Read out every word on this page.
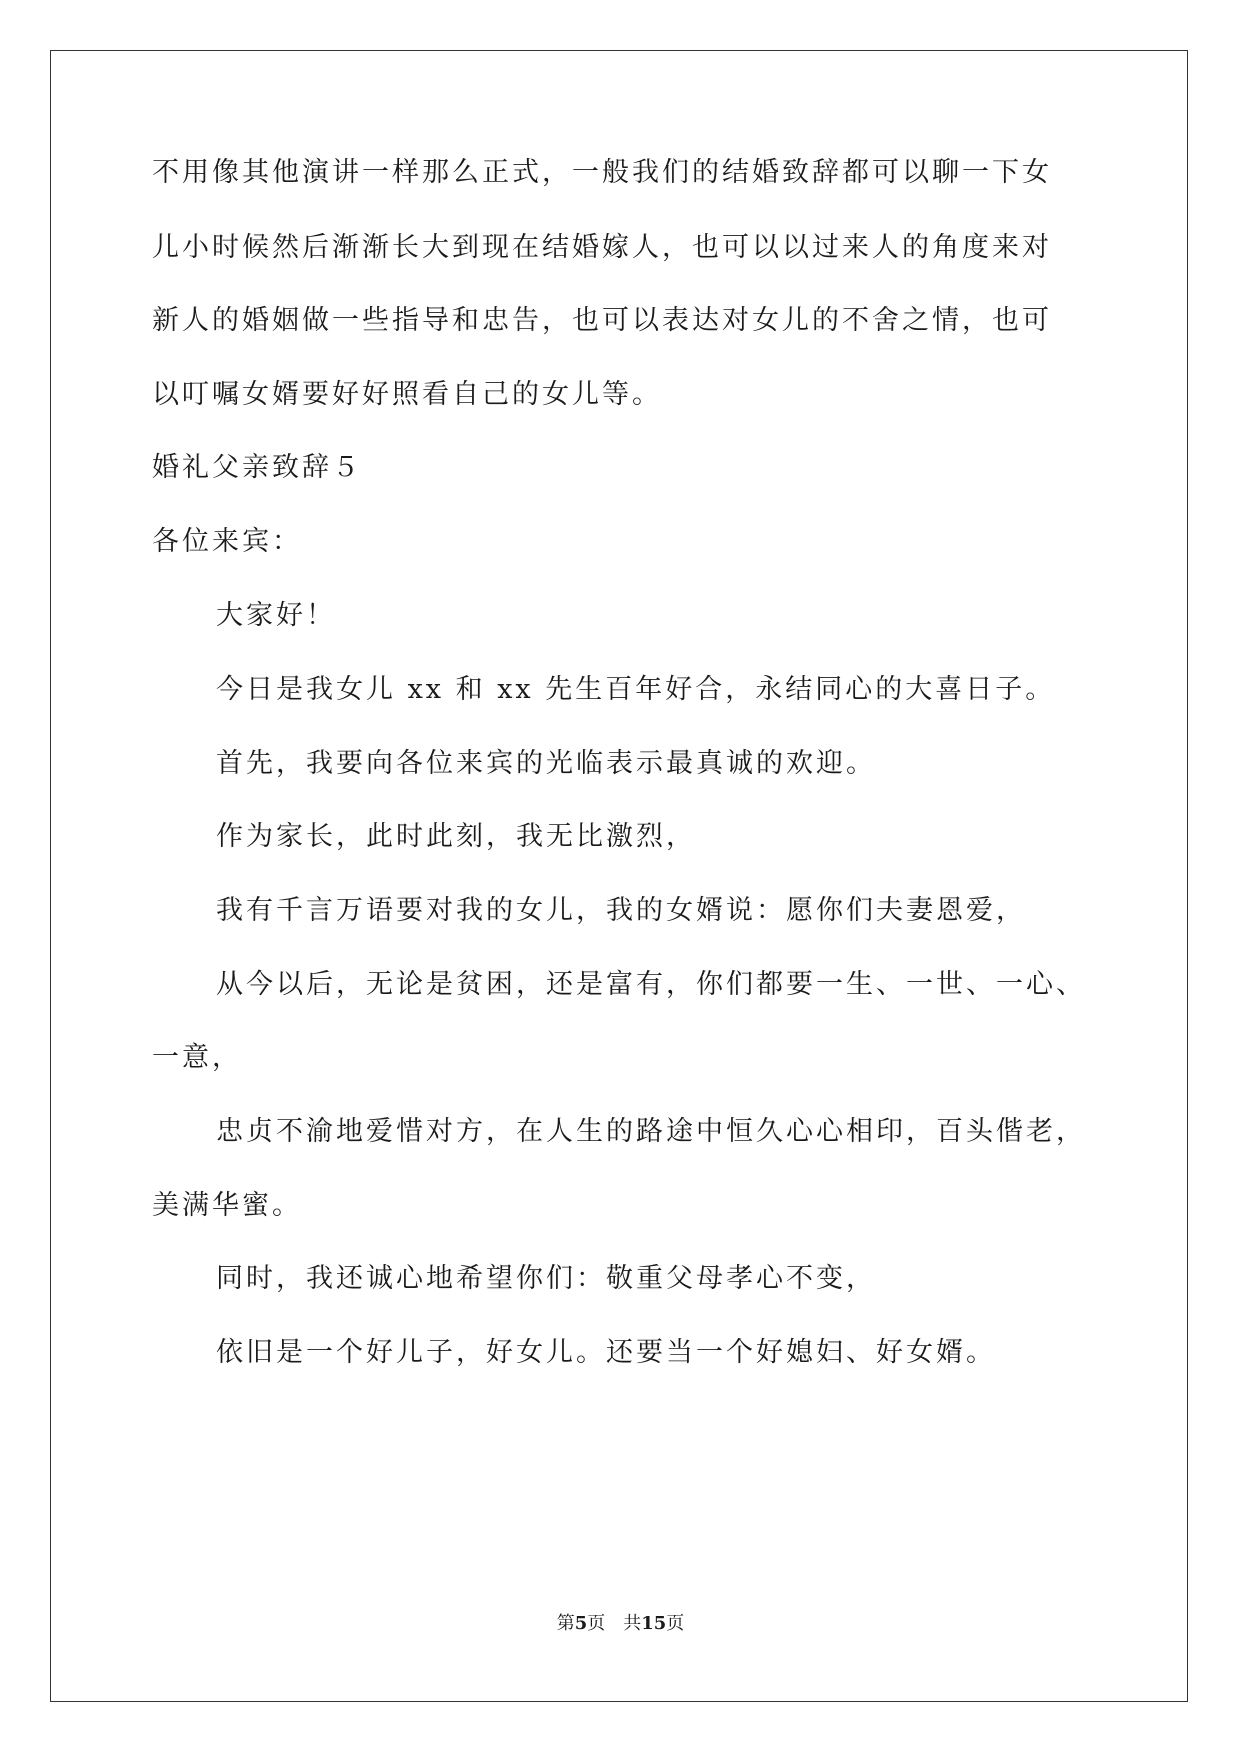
不用像其他演讲一样那么正式，一般我们的结婚致辞都可以聊一下女
儿小时候然后渐渐长大到现在结婚嫁人，也可以以过来人的角度来对
新人的婚姻做一些指导和忠告，也可以表达对女儿的不舍之情，也可
以叮嘱女婿要好好照看自己的女儿等。
婚礼父亲致辞５
各位来宾：
大家好！
今日是我女儿 xx 和 xx 先生百年好合，永结同心的大喜日子。
首先，我要向各位来宾的光临表示最真诚的欢迎。
作为家长，此时此刻，我无比激烈，
我有千言万语要对我的女儿，我的女婿说：愿你们夫妻恩爱，
从今以后，无论是贫困，还是富有，你们都要一生、一世、一心、
一意，
忠贞不渝地爱惜对方，在人生的路途中恒久心心相印，百头偕老，
美满华蜜。
同时，我还诚心地希望你们：敬重父母孝心不变，
依旧是一个好儿子，好女儿。还要当一个好媳妇、好女婿。
第5页 共15页
